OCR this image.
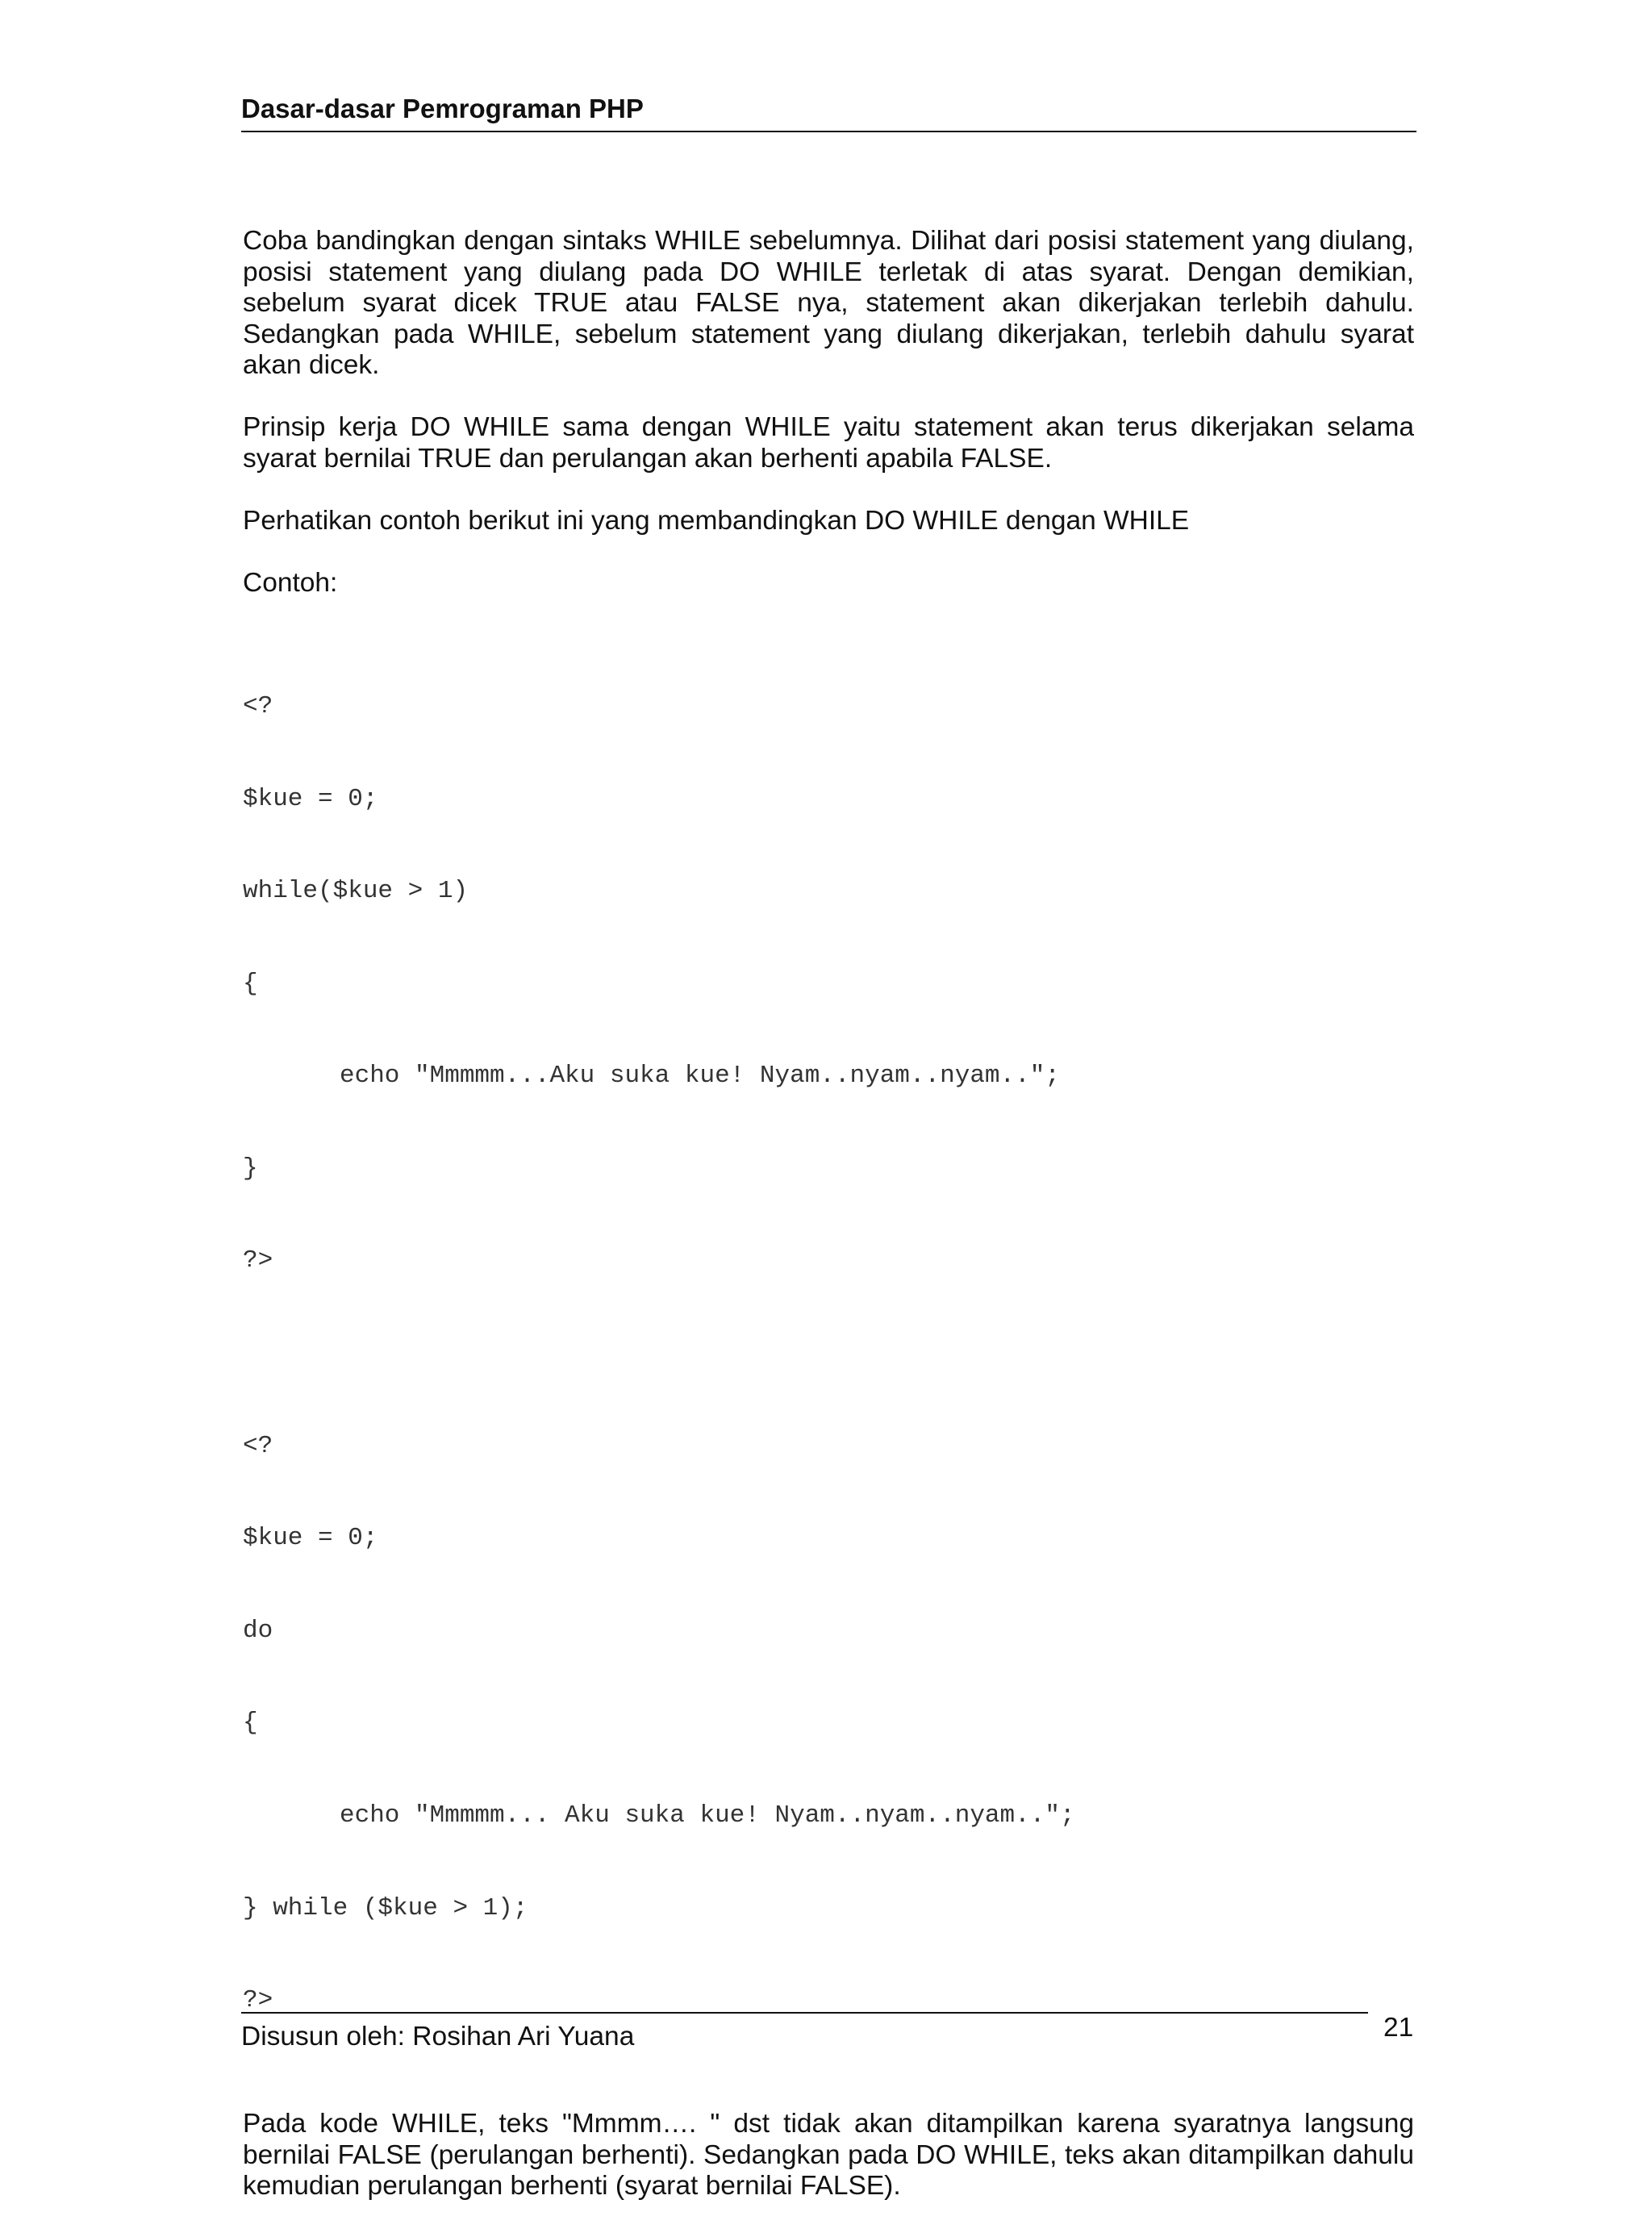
Dasar-dasar Pemrograman PHP

Coba bandingkan dengan sintaks WHILE sebelumnya. Dilihat dari posisi statement yang diulang, posisi statement yang diulang pada DO WHILE terletak di atas syarat. Dengan demikian, sebelum syarat dicek TRUE atau FALSE nya, statement akan dikerjakan terlebih dahulu. Sedangkan pada WHILE, sebelum statement yang diulang dikerjakan, terlebih dahulu syarat akan dicek.

Prinsip kerja DO WHILE sama dengan WHILE yaitu statement akan terus dikerjakan selama syarat bernilai TRUE dan perulangan akan berhenti apabila FALSE.

Perhatikan contoh berikut ini yang membandingkan DO WHILE dengan WHILE

Contoh:

<?

$kue = 0;

while($kue > 1)

{

echo "Mmmmm...Aku suka kue! Nyam..nyam..nyam..";

}

?>

<?

$kue = 0;

do

{

echo "Mmmmm... Aku suka kue! Nyam..nyam..nyam..";

} while ($kue > 1);

?>

Pada kode WHILE, teks "Mmmm…. " dst tidak akan ditampilkan karena syaratnya langsung bernilai FALSE (perulangan berhenti). Sedangkan pada DO WHILE, teks akan ditampilkan dahulu kemudian perulangan berhenti (syarat bernilai FALSE).

Disusun oleh: Rosihan Ari Yuana	21
